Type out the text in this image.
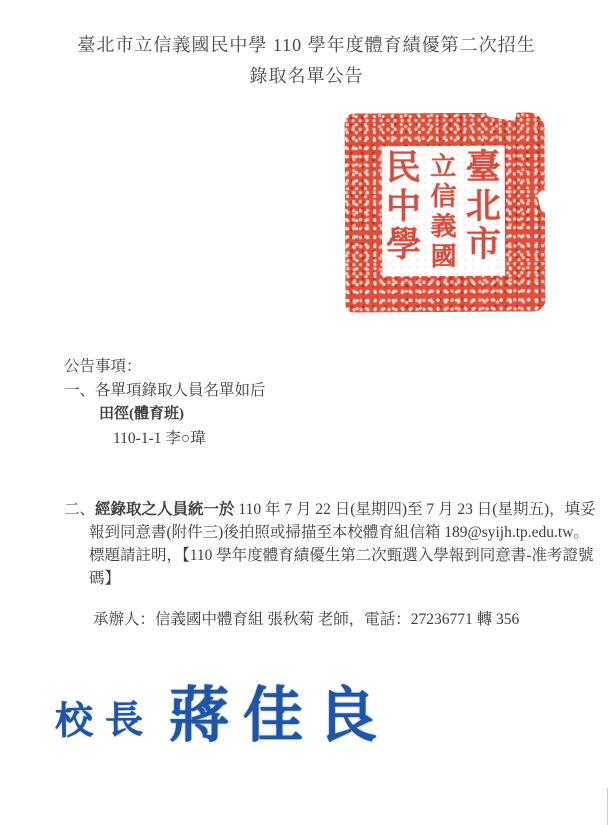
臺北市立信義國民中學 110 學年度體育績優第二次招生
錄取名單公告
臺北市
立信義國
民中學
公告事項：
一、各單項錄取人員名單如后
田徑(體育班)
110-1-1 李○瑋
二、經錄取之人員統一於 110 年 7 月 22 日(星期四)至 7 月 23 日(星期五)，填妥
報到同意書(附件三)後拍照或掃描至本校體育組信箱 189@syijh.tp.edu.tw。
標題請註明，【110 學年度體育績優生第二次甄選入學報到同意書-准考證號
碼】
承辦人：信義國中體育組 張秋菊 老師，電話：27236771 轉 356
校長 蔣佳良
